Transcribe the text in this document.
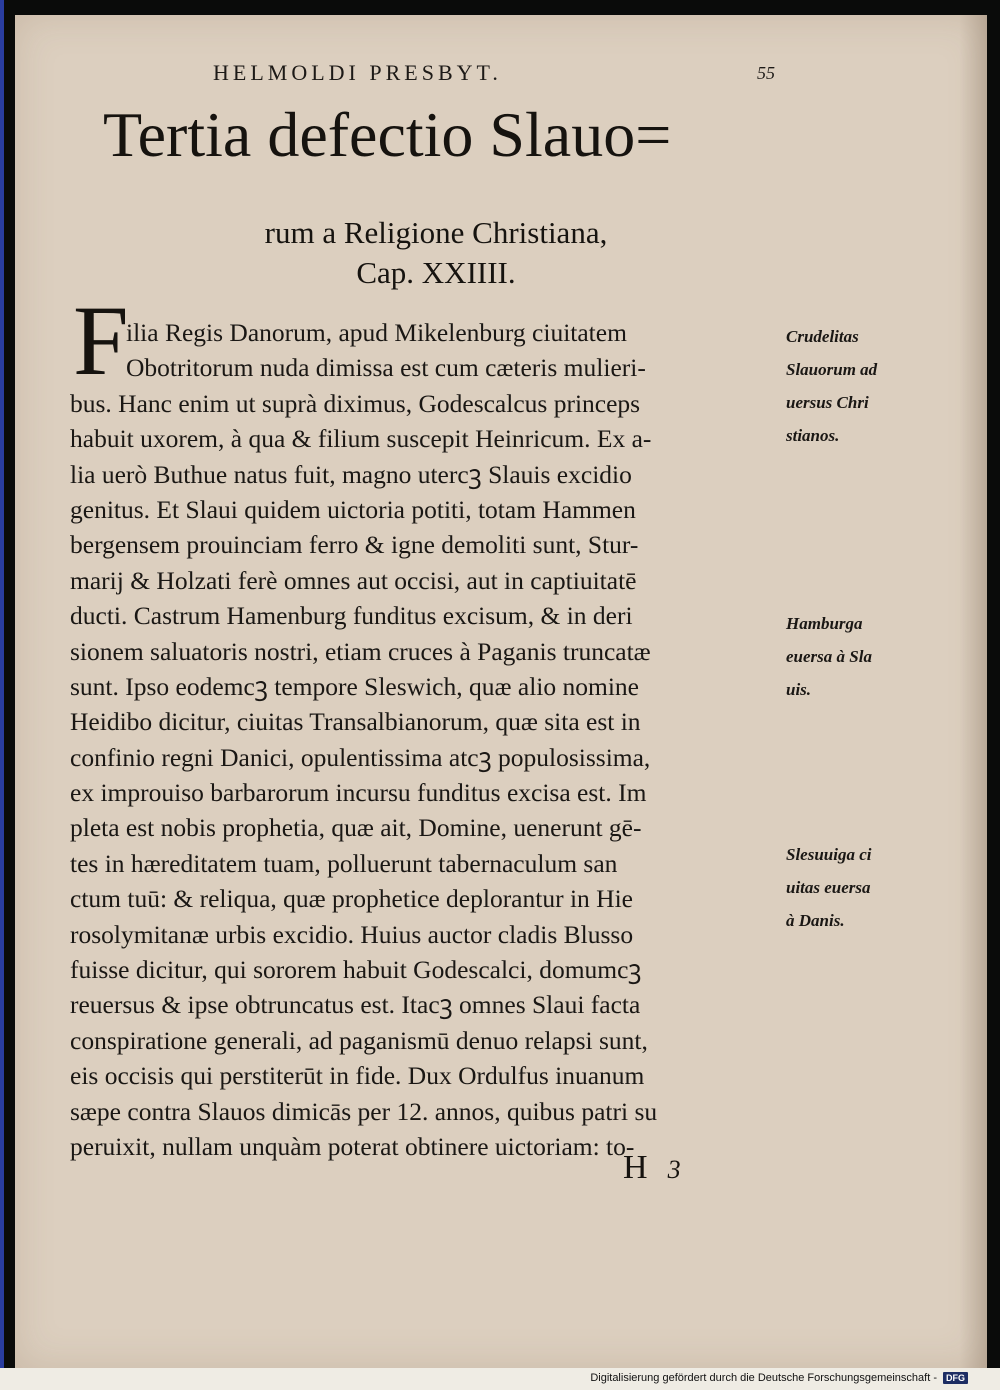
HELMOLDI PRESBYT.	55
Tertia defectio Slauo=
rum a Religione Christiana,
Cap. XXIIII.
F
ilia Regis Danorum, apud Mikelenburg ciuitatem
Obotritorum nuda dimissa est cum cæteris mulieri-
bus. Hanc enim ut suprà diximus, Godescalcus princeps
habuit uxorem, à qua & filium suscepit Heinricum. Ex a-
lia uerò Buthue natus fuit, magno utercꝫ Slauis excidio
genitus. Et Slaui quidem uictoria potiti, totam Hammen
bergensem prouinciam ferro & igne demoliti sunt, Stur-
marij & Holzati ferè omnes aut occisi, aut in captiuitatē
ducti. Castrum Hamenburg funditus excisum, & in deri
sionem saluatoris nostri, etiam cruces à Paganis truncatæ
sunt. Ipso eodemcꝫ tempore Sleswich, quæ alio nomine
Heidibo dicitur, ciuitas Transalbianorum, quæ sita est in
confinio regni Danici, opulentissima atcꝫ populosissima,
ex improuiso barbarorum incursu funditus excisa est. Im
pleta est nobis prophetia, quæ ait, Domine, uenerunt gē-
tes in hæreditatem tuam, polluerunt tabernaculum san
ctum tuū: & reliqua, quæ prophetice deplorantur in Hie
rosolymitanæ urbis excidio. Huius auctor cladis Blusso
fuisse dicitur, qui sororem habuit Godescalci, domumcꝫ
reuersus & ipse obtruncatus est. Itacꝫ omnes Slaui facta
conspiratione generali, ad paganismū denuo relapsi sunt,
eis occisis qui perstiterūt in fide. Dux Ordulfus inuanum
sæpe contra Slauos dimicās per 12. annos, quibus patri su
peruixit, nullam unquàm poterat obtinere uictoriam: to-
Crudelitas
Slauorum ad
uersus Chri
stianos.
Hamburga
euersa à Sla
uis.
Slesuuiga ci
uitas euersa
à Danis.
H 3
Digitalisierung gefördert durch die Deutsche Forschungsgemeinschaft -	DFG
